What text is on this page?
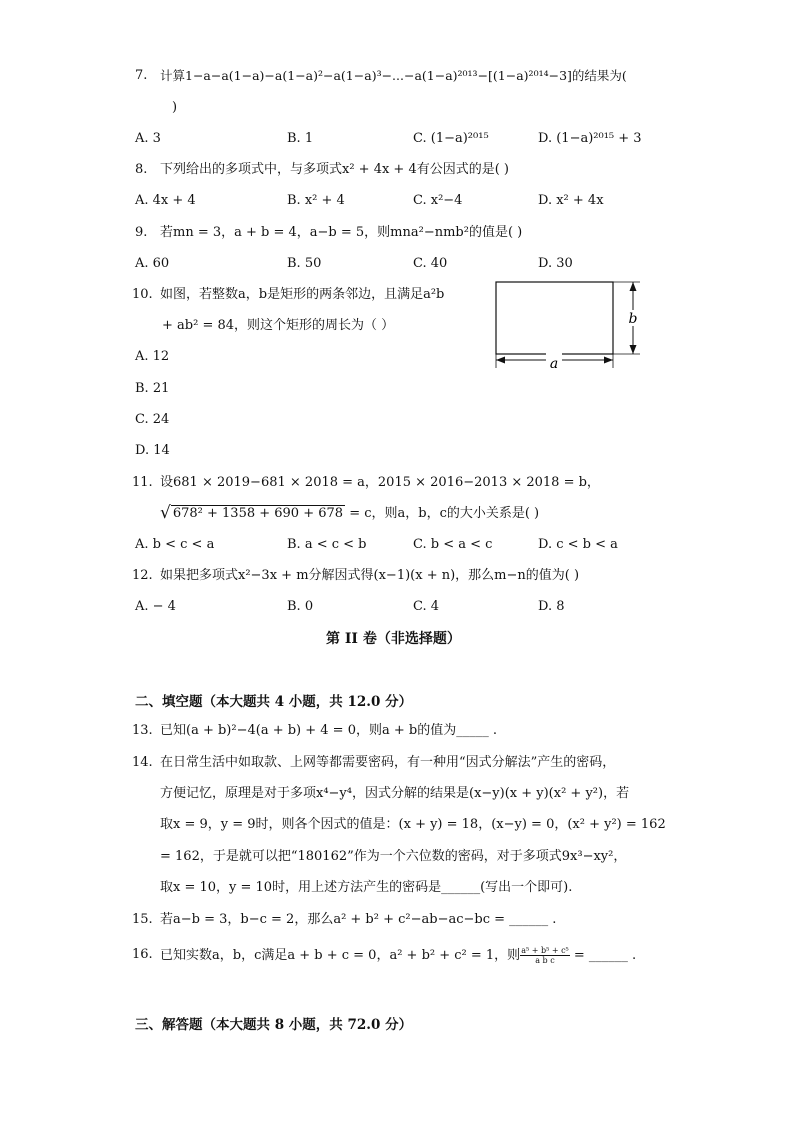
7. 计算1−a−a(1−a)−a(1−a)²−a(1−a)³−...−a(1−a)²⁰¹³−[(1−a)²⁰¹⁴−3]的结果为(
)
A. 3	B. 1	C. (1−a)²⁰¹⁵	D. (1−a)²⁰¹⁵ + 3
8. 下列给出的多项式中，与多项式x² + 4x + 4有公因式的是( )
A. 4x + 4	B. x² + 4	C. x²−4	D. x² + 4x
9. 若mn = 3，a + b = 4，a−b = 5，则mna²−nmb²的值是( )
A. 60	B. 50	C. 40	D. 30
10. 如图，若整数a，b是矩形的两条邻边，且满足a²b
+ ab² = 84，则这个矩形的周长为（ ）
A. 12
B. 21
C. 24
D. 14
b
a
11. 设681 × 2019−681 × 2018 = a，2015 × 2016−2013 × 2018 = b，
√ 678² + 1358 + 690 + 678 = c，则a，b，c的大小关系是( )
A. b < c < a	B. a < c < b	C. b < a < c	D. c < b < a
12. 如果把多项式x²−3x + m分解因式得(x−1)(x + n)，那么m−n的值为( )
A. − 4	B. 0	C. 4	D. 8
第 II 卷（非选择题）
二、填空题（本大题共 4 小题，共 12.0 分）
13. 已知(a + b)²−4(a + b) + 4 = 0，则a + b的值为_____ .
14. 在日常生活中如取款、上网等都需要密码，有一种用“因式分解法”产生的密码，
方便记忆，原理是对于多项x⁴−y⁴，因式分解的结果是(x−y)(x + y)(x² + y²)，若
取x = 9，y = 9时，则各个因式的值是：(x + y) = 18，(x−y) = 0，(x² + y²) = 162
= 162，于是就可以把“180162”作为一个六位数的密码，对于多项式9x³−xy²，
取x = 10，y = 10时，用上述方法产生的密码是______(写出一个即可).
15. 若a−b = 3，b−c = 2，那么a² + b² + c²−ab−ac−bc = ______ .
16. 已知实数a，b，c满足a + b + c = 0，a² + b² + c² = 1，则 $\frac{\text{a⁵ + b⁵ + c⁵}}{\text{a b c}}$ = ______ .
三、解答题（本大题共 8 小题，共 72.0 分）
